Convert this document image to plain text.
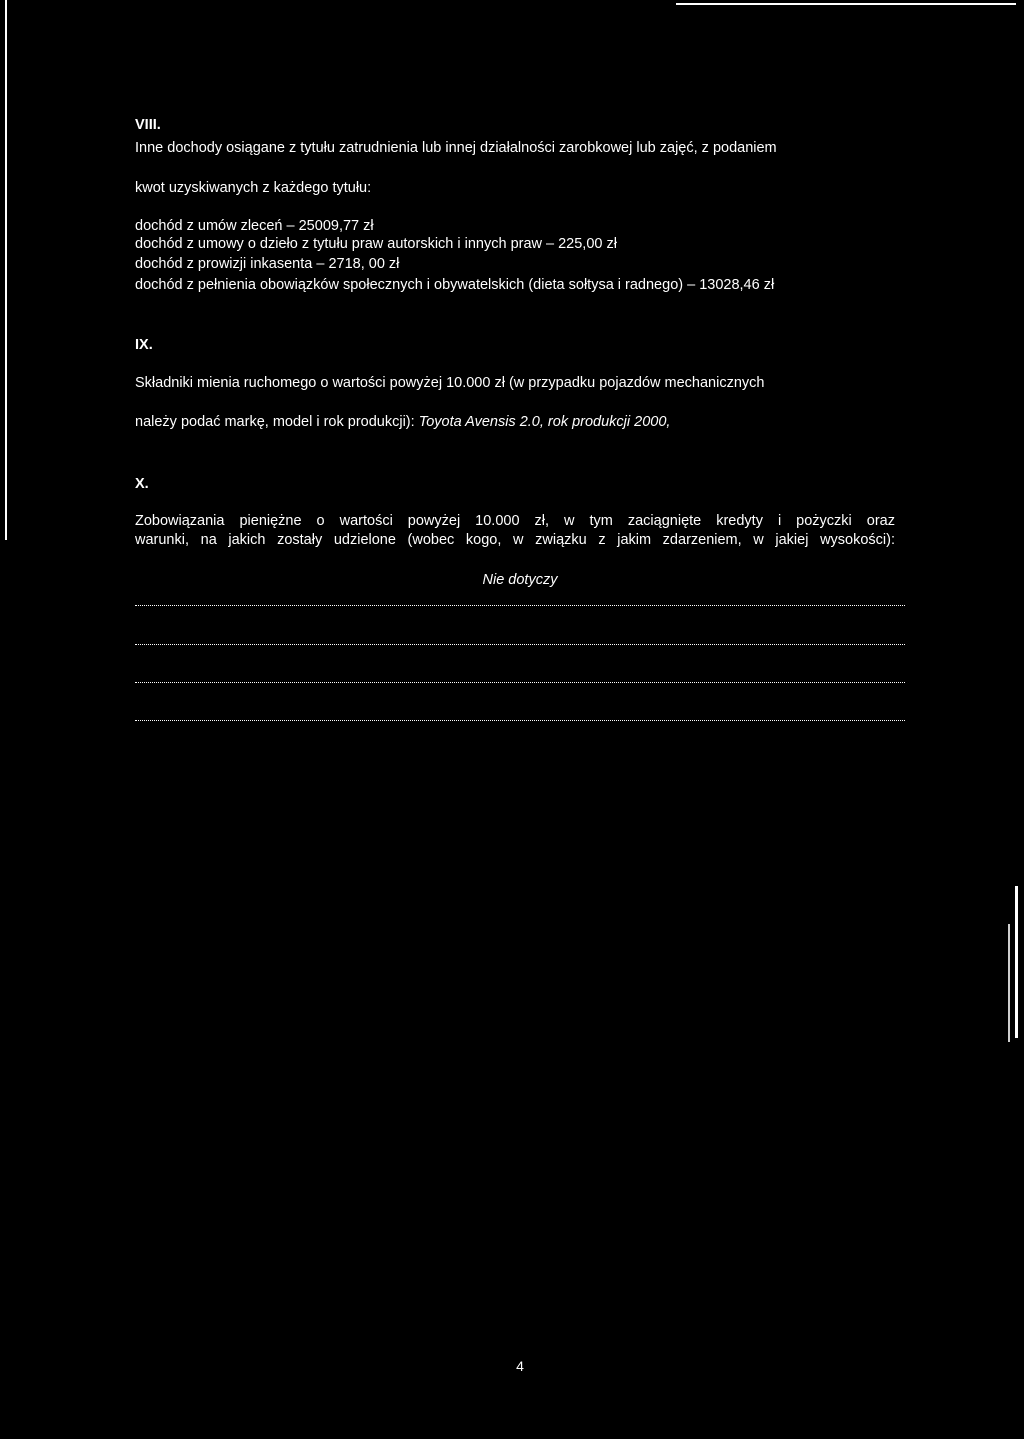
VIII.
Inne dochody osiągane z tytułu zatrudnienia lub innej działalności zarobkowej lub zajęć, z podaniem
kwot uzyskiwanych z każdego tytułu:
dochód z umów zleceń – 25009,77 zł
dochód z umowy o dzieło z tytułu praw autorskich i innych praw – 225,00 zł
dochód z prowizji inkasenta – 2718, 00 zł
dochód z pełnienia obowiązków społecznych i obywatelskich (dieta sołtysa i radnego) – 13028,46 zł
IX.
Składniki mienia ruchomego o wartości powyżej 10.000 zł (w przypadku pojazdów mechanicznych
należy podać markę, model i rok produkcji): Toyota Avensis 2.0, rok produkcji 2000,
X.
Zobowiązania pieniężne o wartości powyżej 10.000 zł, w tym zaciągnięte kredyty i pożyczki oraz
warunki, na jakich zostały udzielone (wobec kogo, w związku z jakim zdarzeniem, w jakiej wysokości):
Nie dotyczy
4
